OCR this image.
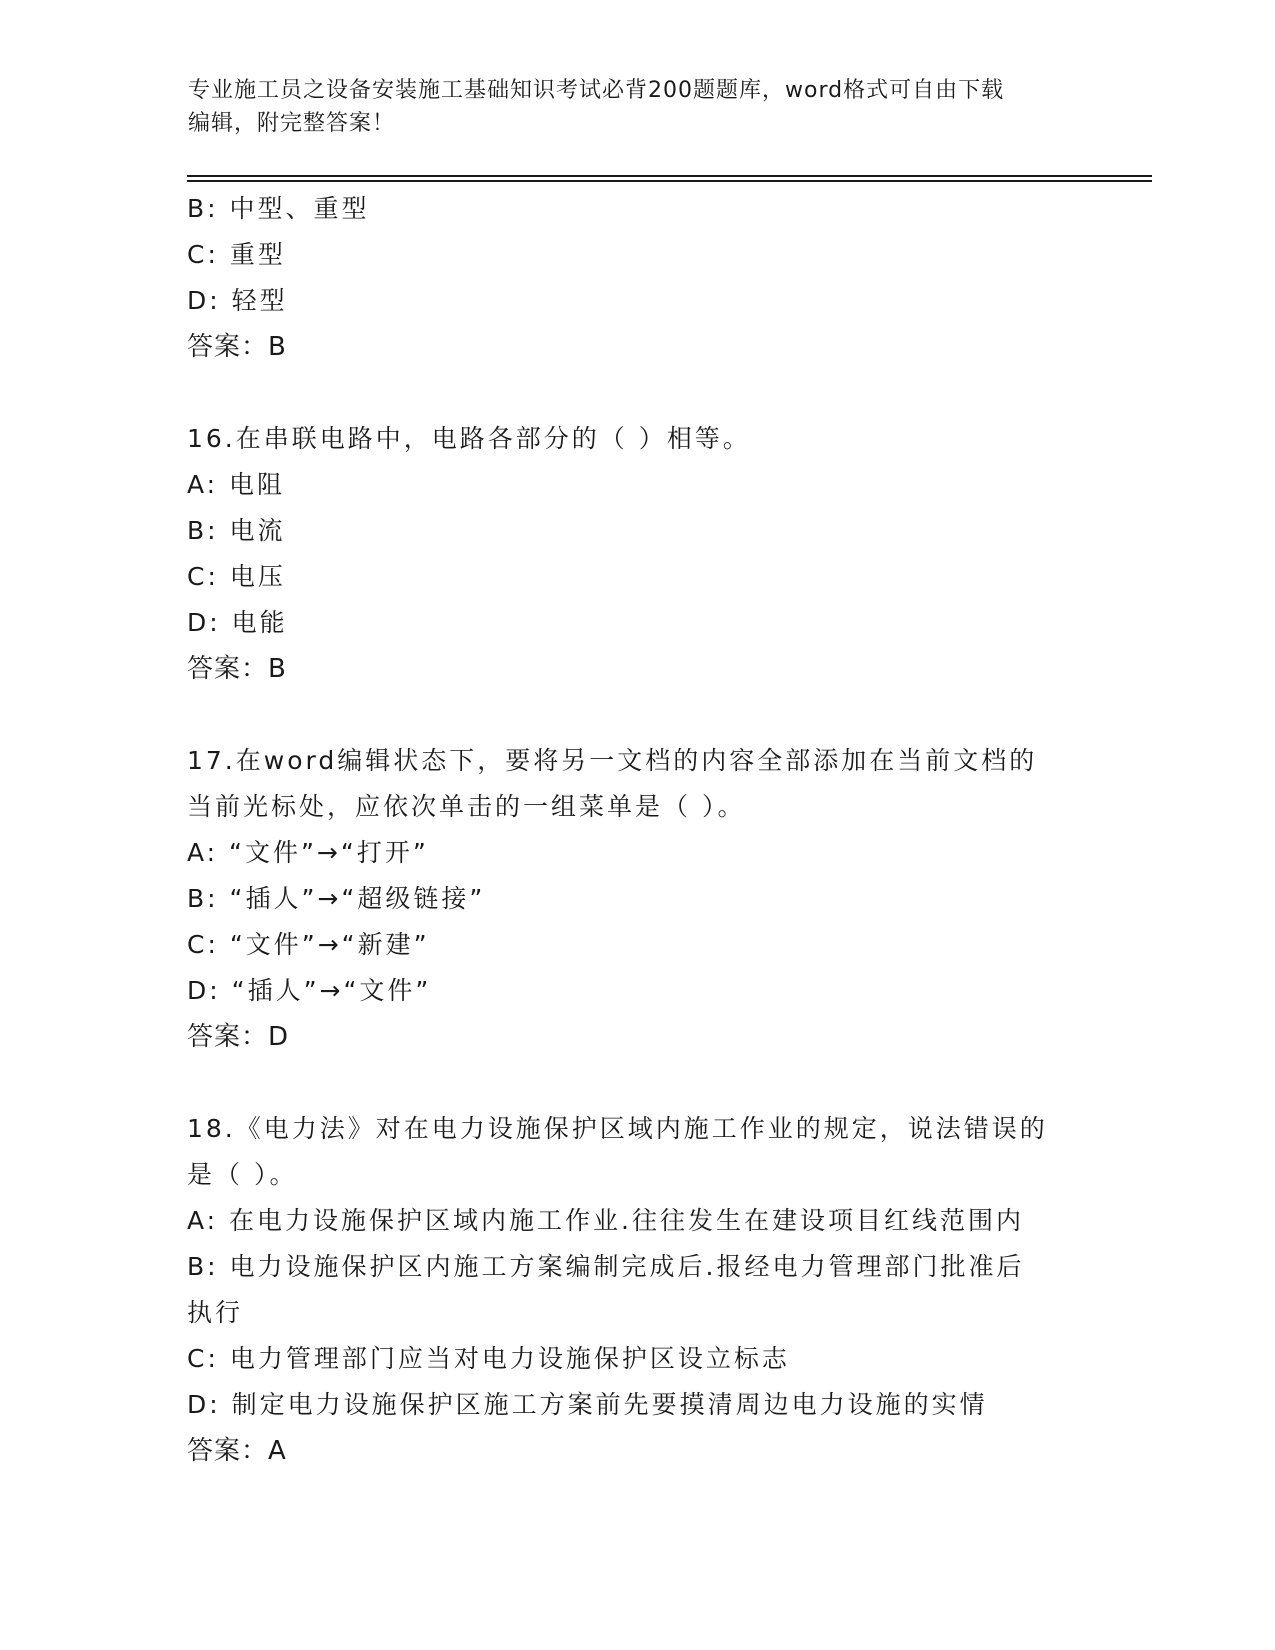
专业施工员之设备安装施工基础知识考试必背200题题库，word格式可自由下载
编辑，附完整答案！
B: 中型、重型
C: 重型
D: 轻型
答案：B
16.在串联电路中，电路各部分的（ ）相等。
A: 电阻
B: 电流
C: 电压
D: 电能
答案：B
17.在word编辑状态下，要将另一文档的内容全部添加在当前文档的
当前光标处，应依次单击的一组菜单是（ ）。
A: “文件”→“打开”
B: “插人”→“超级链接”
C: “文件”→“新建”
D: “插人”→“文件”
答案：D
18.《电力法》对在电力设施保护区域内施工作业的规定，说法错误的
是（ ）。
A: 在电力设施保护区域内施工作业.往往发生在建设项目红线范围内
B: 电力设施保护区内施工方案编制完成后.报经电力管理部门批准后
执行
C: 电力管理部门应当对电力设施保护区设立标志
D: 制定电力设施保护区施工方案前先要摸清周边电力设施的实情
答案：A
